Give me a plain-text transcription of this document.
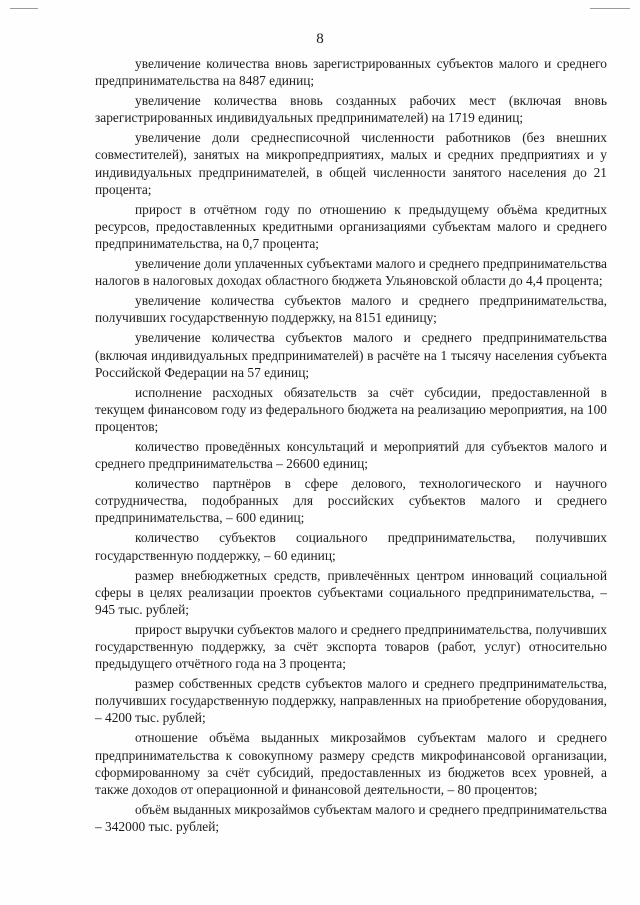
8

увеличение количества вновь зарегистрированных субъектов малого и среднего предпринимательства на 8487 единиц;

увеличение количества вновь созданных рабочих мест (включая вновь зарегистрированных индивидуальных предпринимателей) на 1719 единиц;

увеличение доли среднесписочной численности работников (без внешних совместителей), занятых на микропредприятиях, малых и средних предприятиях и у индивидуальных предпринимателей, в общей численности занятого населения до 21 процента;

прирост в отчётном году по отношению к предыдущему объёма кредитных ресурсов, предоставленных кредитными организациями субъектам малого и среднего предпринимательства, на 0,7 процента;

увеличение доли уплаченных субъектами малого и среднего предпринимательства налогов в налоговых доходах областного бюджета Ульяновской области до 4,4 процента;

увеличение количества субъектов малого и среднего предпринимательства, получивших государственную поддержку, на 8151 единицу;

увеличение количества субъектов малого и среднего предпринимательства (включая индивидуальных предпринимателей) в расчёте на 1 тысячу населения субъекта Российской Федерации на 57 единиц;

исполнение расходных обязательств за счёт субсидии, предоставленной в текущем финансовом году из федерального бюджета на реализацию мероприятия, на 100 процентов;

количество проведённых консультаций и мероприятий для субъектов малого и среднего предпринимательства – 26600 единиц;

количество партнёров в сфере делового, технологического и научного сотрудничества, подобранных для российских субъектов малого и среднего предпринимательства, – 600 единиц;

количество субъектов социального предпринимательства, получивших государственную поддержку, – 60 единиц;

размер внебюджетных средств, привлечённых центром инноваций социальной сферы в целях реализации проектов субъектами социального предпринимательства, – 945 тыс. рублей;

прирост выручки субъектов малого и среднего предпринимательства, получивших государственную поддержку, за счёт экспорта товаров (работ, услуг) относительно предыдущего отчётного года на 3 процента;

размер собственных средств субъектов малого и среднего предпринимательства, получивших государственную поддержку, направленных на приобретение оборудования, – 4200 тыс. рублей;

отношение объёма выданных микрозаймов субъектам малого и среднего предпринимательства к совокупному размеру средств микрофинансовой организации, сформированному за счёт субсидий, предоставленных из бюджетов всех уровней, а также доходов от операционной и финансовой деятельности, – 80 процентов;

объём выданных микрозаймов субъектам малого и среднего предпринимательства – 342000 тыс. рублей;
